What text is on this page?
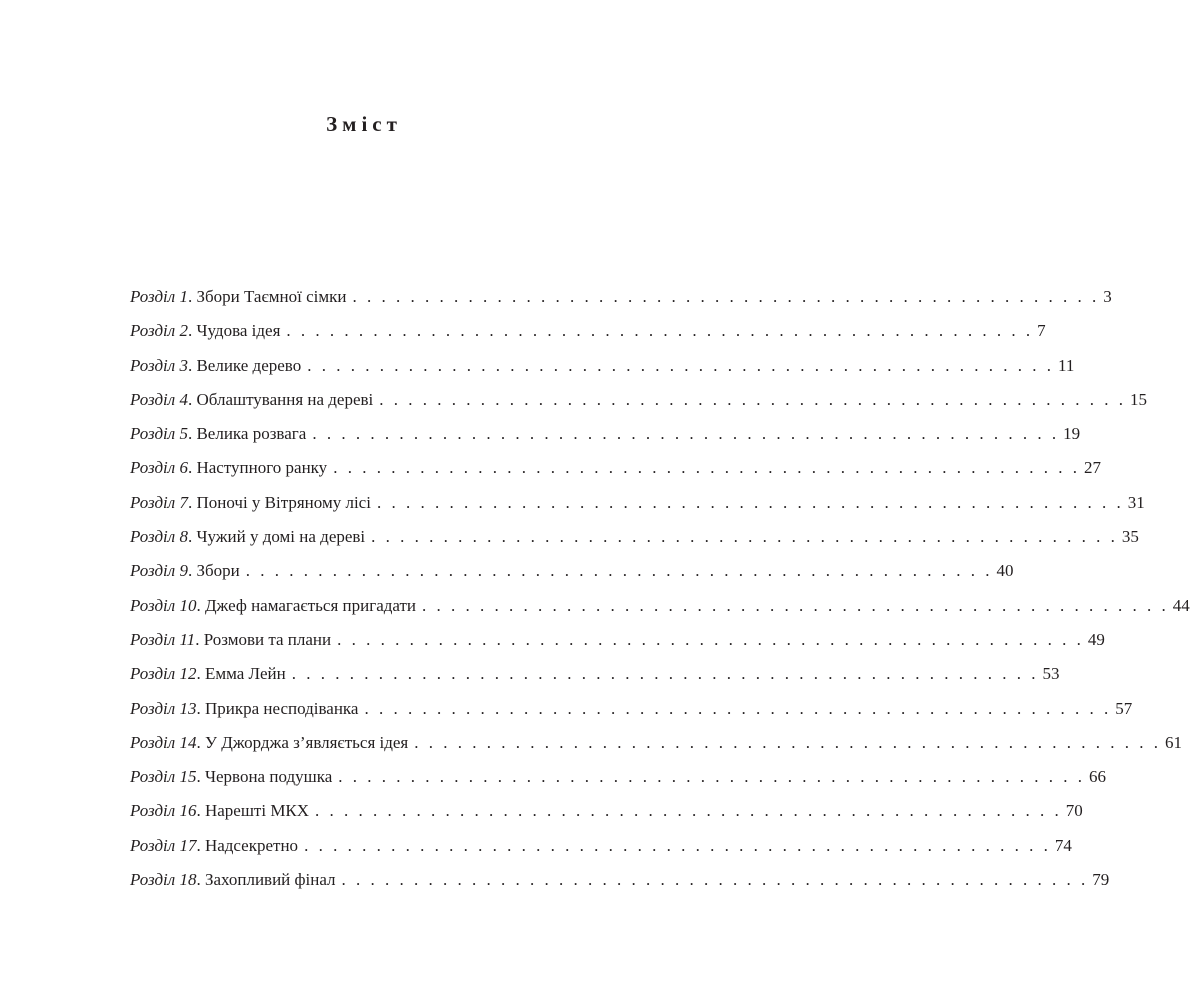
Зміст
Розділ 1 . Збори Таємної сімки . . . . . . . . . . . . . . . . . . . . . . . . . . . . . . . . . . . . . . . . . . . . . . . . . . . . 3
Розділ 2 . Чудова ідея . . . . . . . . . . . . . . . . . . . . . . . . . . . . . . . . . . . . . . . . . . . . . . . . . . . . 7
Розділ 3 . Велике дерево . . . . . . . . . . . . . . . . . . . . . . . . . . . . . . . . . . . . . . . . . . . . . . . . . . . . 11
Розділ 4 . Облаштування на дереві . . . . . . . . . . . . . . . . . . . . . . . . . . . . . . . . . . . . . . . . . . . . . . . . . . . . 15
Розділ 5 . Велика розвага . . . . . . . . . . . . . . . . . . . . . . . . . . . . . . . . . . . . . . . . . . . . . . . . . . . . 19
Розділ 6 . Наступного ранку . . . . . . . . . . . . . . . . . . . . . . . . . . . . . . . . . . . . . . . . . . . . . . . . . . . . 27
Розділ 7 . Поночі у Вітряному лісі . . . . . . . . . . . . . . . . . . . . . . . . . . . . . . . . . . . . . . . . . . . . . . . . . . . . 31
Розділ 8 . Чужий у домі на дереві . . . . . . . . . . . . . . . . . . . . . . . . . . . . . . . . . . . . . . . . . . . . . . . . . . . . 35
Розділ 9 . Збори . . . . . . . . . . . . . . . . . . . . . . . . . . . . . . . . . . . . . . . . . . . . . . . . . . . . 40
Розділ 10 . Джеф намагається пригадати . . . . . . . . . . . . . . . . . . . . . . . . . . . . . . . . . . . . . . . . . . . . . . . . . . . . 44
Розділ 11 . Розмови та плани . . . . . . . . . . . . . . . . . . . . . . . . . . . . . . . . . . . . . . . . . . . . . . . . . . . . 49
Розділ 12 . Емма Лейн . . . . . . . . . . . . . . . . . . . . . . . . . . . . . . . . . . . . . . . . . . . . . . . . . . . . 53
Розділ 13 . Прикра несподіванка . . . . . . . . . . . . . . . . . . . . . . . . . . . . . . . . . . . . . . . . . . . . . . . . . . . . 57
Розділ 14 . У Джорджа з’являється ідея . . . . . . . . . . . . . . . . . . . . . . . . . . . . . . . . . . . . . . . . . . . . . . . . . . . . 61
Розділ 15 . Червона подушка . . . . . . . . . . . . . . . . . . . . . . . . . . . . . . . . . . . . . . . . . . . . . . . . . . . . 66
Розділ 16 . Нарешті МКХ . . . . . . . . . . . . . . . . . . . . . . . . . . . . . . . . . . . . . . . . . . . . . . . . . . . . 70
Розділ 17 . Надсекретно . . . . . . . . . . . . . . . . . . . . . . . . . . . . . . . . . . . . . . . . . . . . . . . . . . . . 74
Розділ 18 . Захопливий фінал . . . . . . . . . . . . . . . . . . . . . . . . . . . . . . . . . . . . . . . . . . . . . . . . . . . . 79
